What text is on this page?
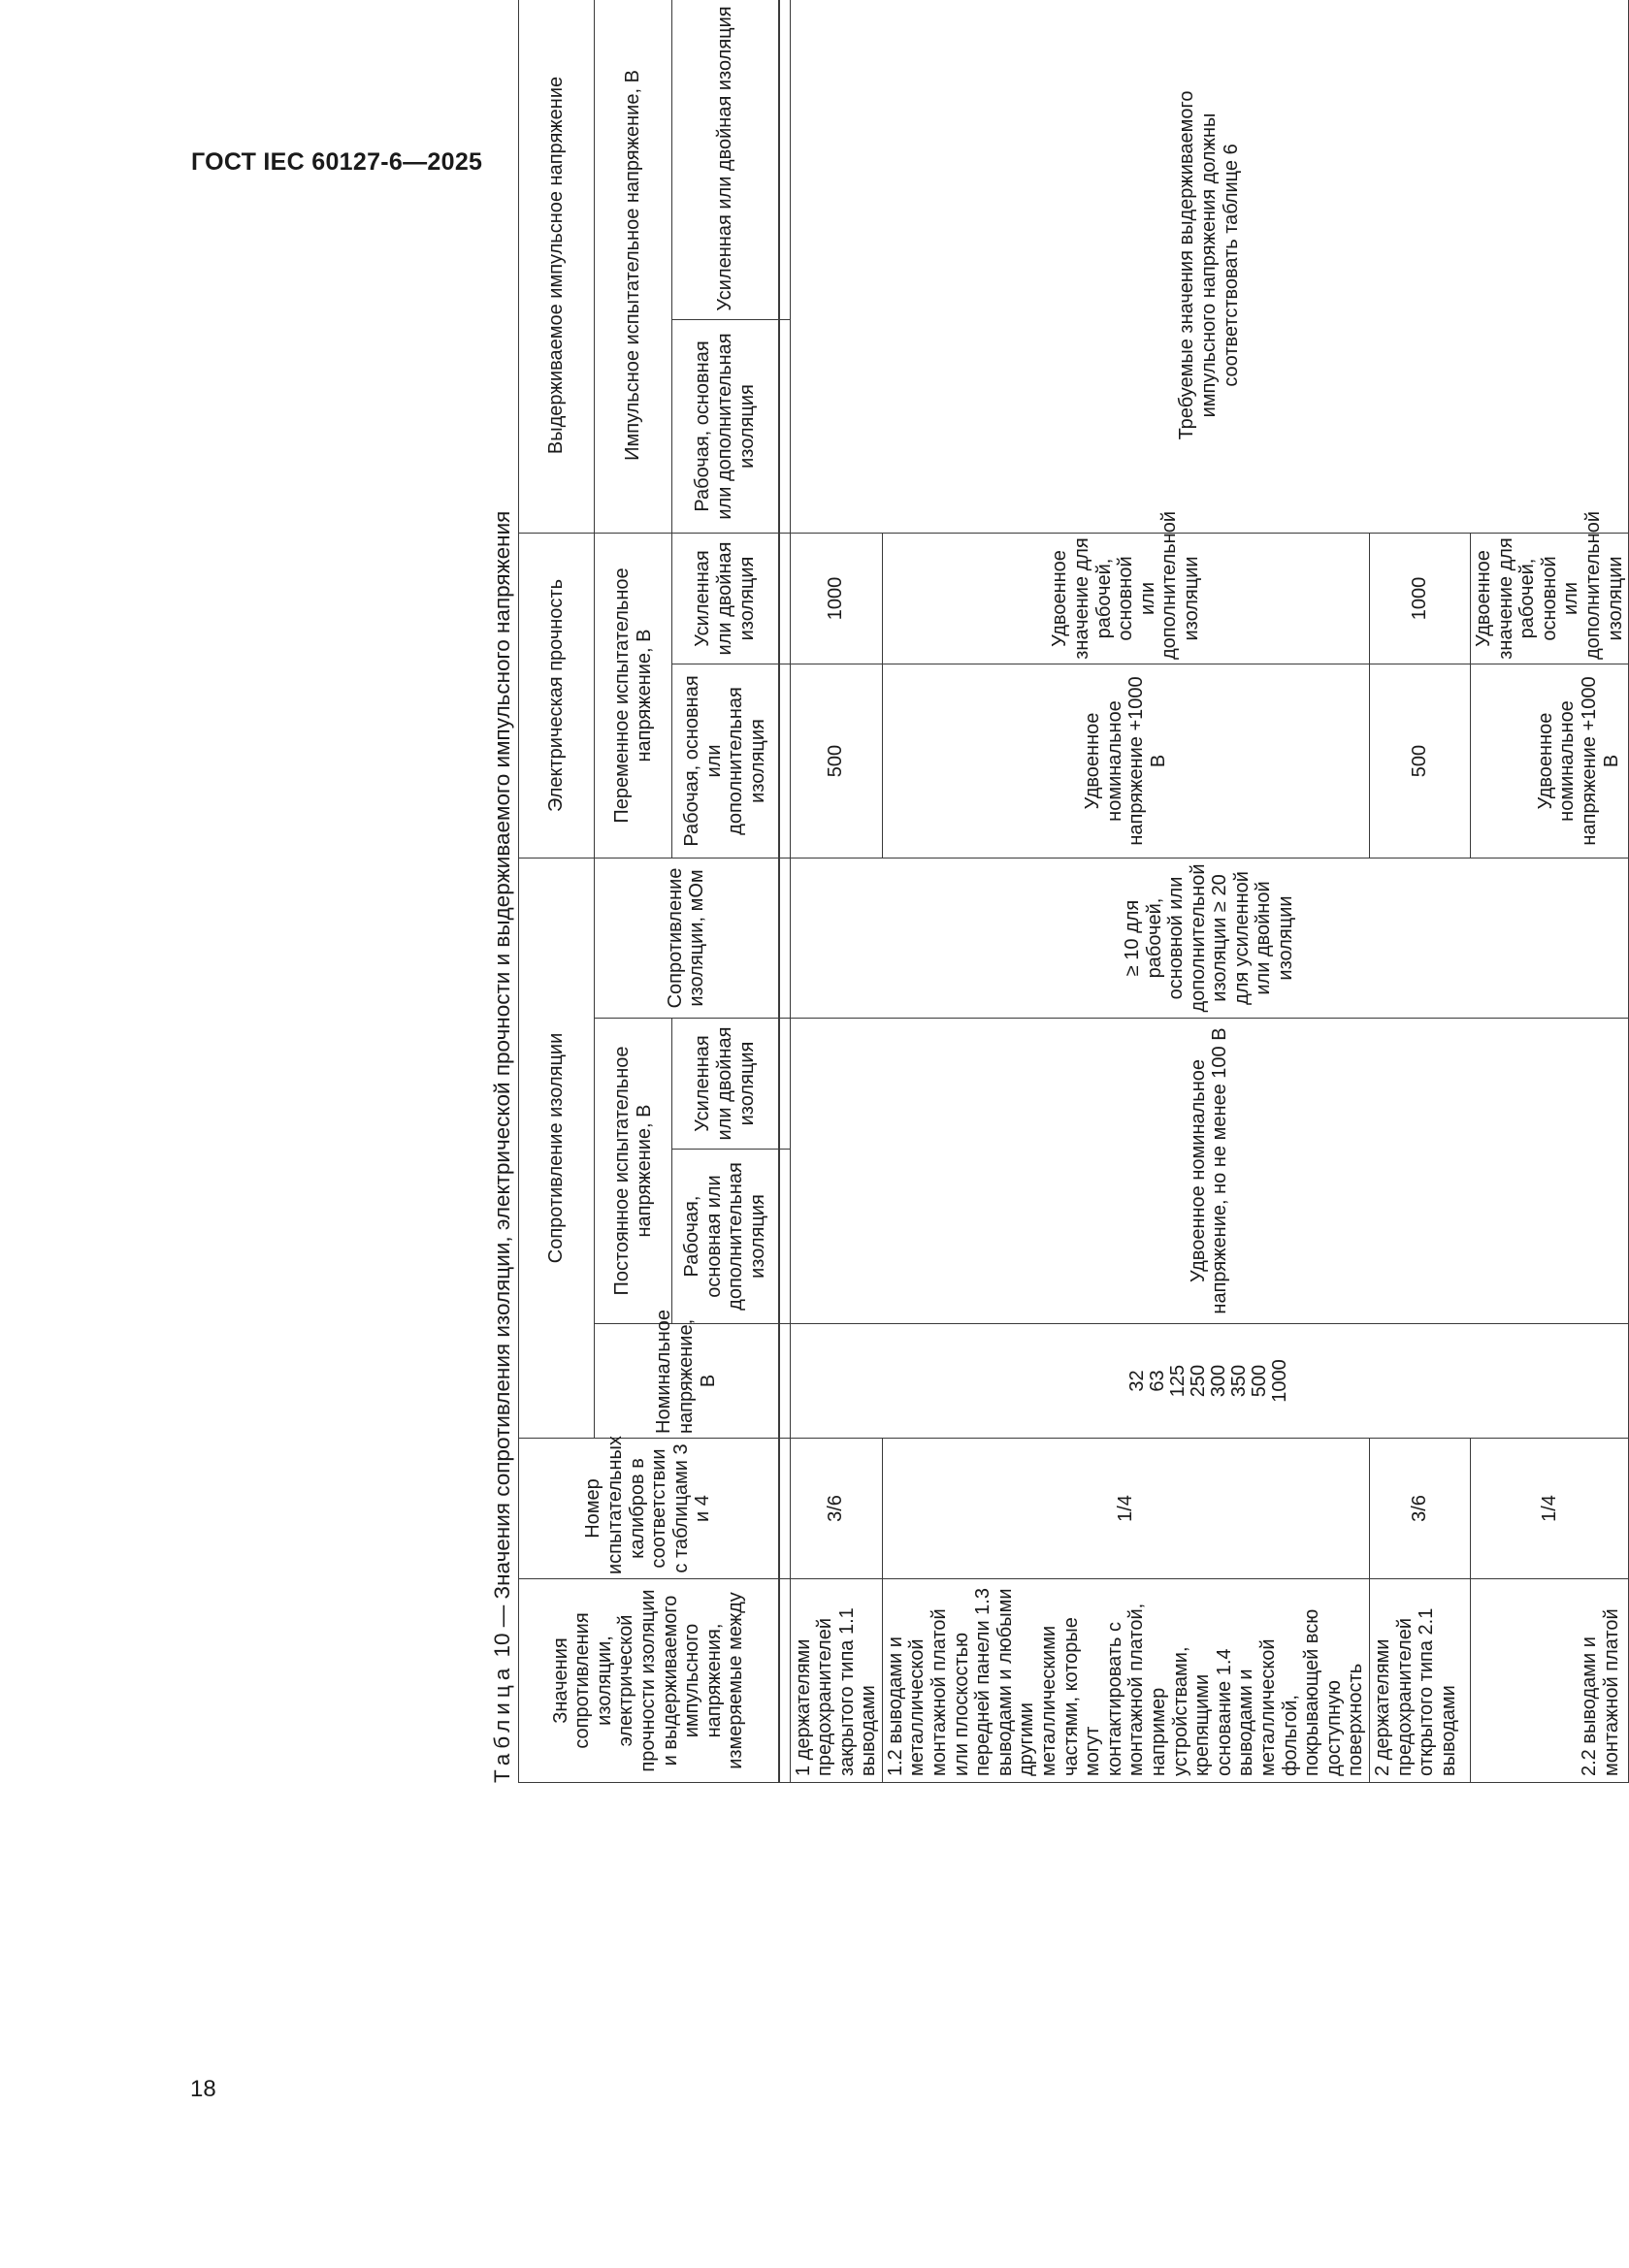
ГОСТ IEC 60127-6—2025
18
Таблица 10 — Значения сопротивления изоляции, электрической прочности и выдерживаемого импульсного напряжения
Значения сопротивления изоляции, электрической прочности изоляции и выдерживаемого импульсного напряжения, измеряемые между	Номер испытательных калибров в соответствии с таблицами 3 и 4	Сопротивление изоляции				Электрическая прочность		Выдерживаемое импульсное напряжение	
		Номинальное напряжение, В	Постоянное испытательное напряжение, В		Сопротивление изоляции, мОм	Переменное испытательное напряжение, В		Импульсное испытательное напряжение, В	
			Рабочая, основная или дополнительная изоляция	Усиленная или двойная изоляция		Рабочая, основная или дополнительная изоляция	Усиленная или двойная изоляция	Рабочая, основная или дополнительная изоляция	Усиленная или двойная изоляция

1 держателями предохранителей закрытого типа 1.1 выводами	3/6	32 63 125 250 300 350 500 1000	Удвоенное номинальное напряжение, но не менее 100 В		≥ 10 для рабочей, основной или дополнительной изоляции ≥ 20 для усиленной или двойной изоляции	500	1000	Требуемые значения выдерживаемого импульсного напряжения должны соответствовать таблице 6	
1.2 выводами и металлической монтажной платой или плоскостью передней панели 1.3 выводами и любыми другими металлическими частями, которые могут контактировать с монтажной платой, например устройствами, крепящими основание 1.4 выводами и металлической фольгой, покрывающей всю доступную поверхность	1/4					Удвоенное номинальное напряжение +1000 В	Удвоенное значение для рабочей, основной или дополнительной изоляции		
2 держателями предохранителей открытого типа 2.1 выводами	3/6					500	1000		
2.2 выводами и монтажной платой	1/4					Удвоенное номинальное напряжение +1000 В	Удвоенное значение для рабочей, основной или дополнительной изоляции		
